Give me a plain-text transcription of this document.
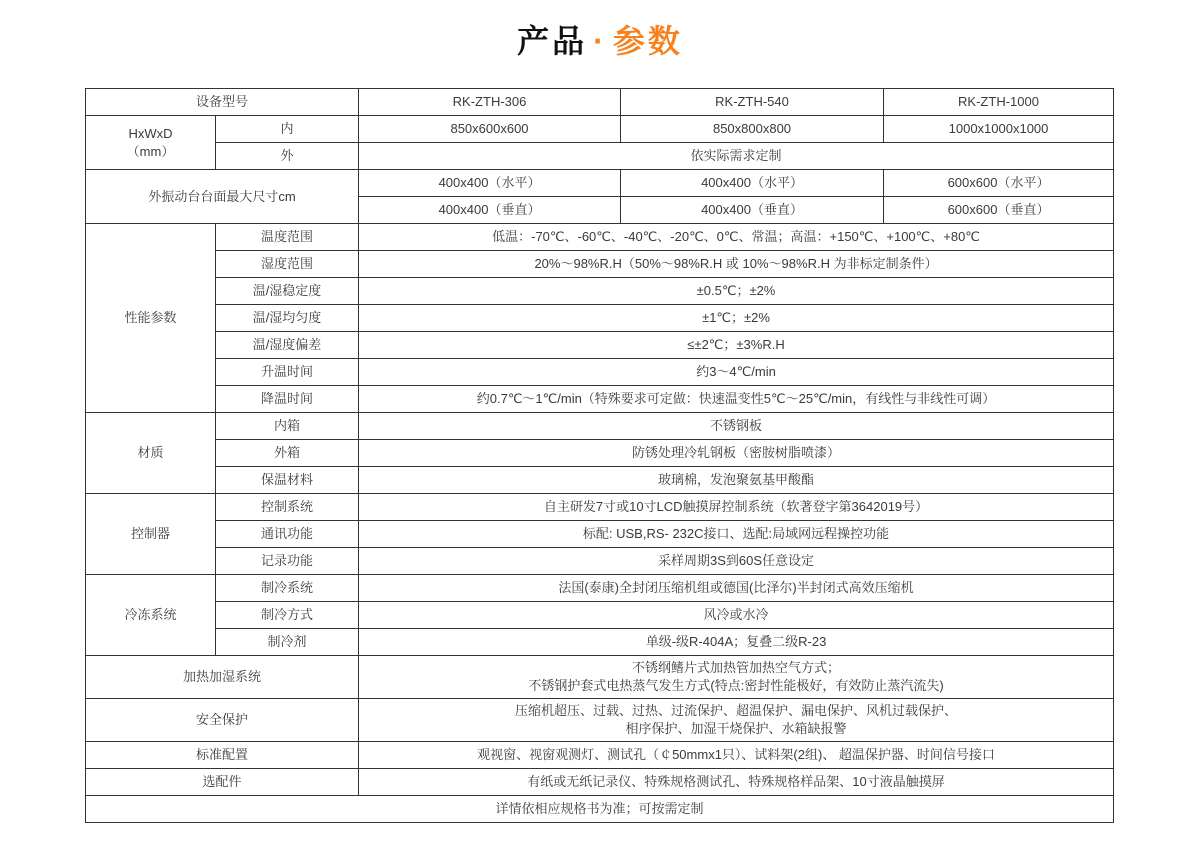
产品 · 参数
设备型号		RK-ZTH-306	RK-ZTH-540	RK-ZTH-1000

HxWxD
（mm）	内	850x600x600	850x800x800	1000x1000x1000
	外	依实际需求定制		
外振动台台面最大尺寸cm		400x400（水平）	400x400（水平）	600x600（水平）
		400x400（垂直）	400x400（垂直）	600x600（垂直）
性能参数	温度范围	低温：-70℃、-60℃、-40℃、-20℃、0℃、常温；高温：+150℃、+100℃、+80℃		
	湿度范围	20%～98%R.H（50%～98%R.H 或 10%～98%R.H 为非标定制条件）		
	温/湿稳定度	±0.5℃；±2%		
	温/湿均匀度	±1℃；±2%		
	温/湿度偏差	≤±2℃；±3%R.H		
	升温时间	约3～4℃/min		
	降温时间	约0.7℃～1℃/min（特殊要求可定做：快速温变性5℃～25℃/min，有线性与非线性可调）		
材质	内箱	不锈钢板		
	外箱	防锈处理冷轧钢板（密胺树脂喷漆）		
	保温材料	玻璃棉，发泡聚氨基甲酸酯		
控制器	控制系统	自主研发7寸或10寸LCD触摸屏控制系统（软著登字第3642019号）		
	通讯功能	标配: USB,RS- 232C接口、选配:局域网远程操控功能		
	记录功能	采样周期3S到60S任意设定		
冷冻系统	制冷系统	法国(泰康)全封闭压缩机组或德国(比泽尔)半封闭式高效压缩机		
	制冷方式	风冷或水冷		
	制冷剂	单级-级R-404A；复叠二级R-23		
加热加湿系统		不锈纲鳍片式加热管加热空气方式；
不锈钢护套式电热蒸气发生方式(特点:密封性能极好，有效防止蒸汽流失)		

安全保护		压缩机超压、过载、过热、过流保护、超温保护、漏电保护、风机过载保护、
相序保护、加湿干烧保护、水箱缺报警		

标准配置		观视窗、视窗观测灯、测试孔（￠50mmx1只）、试料架(2组)、 超温保护器、时间信号接口		
选配件		有纸或无纸记录仪、特殊规格测试孔、特殊规格样品架、10寸液晶触摸屏		
详情依相应规格书为准；可按需定制				
